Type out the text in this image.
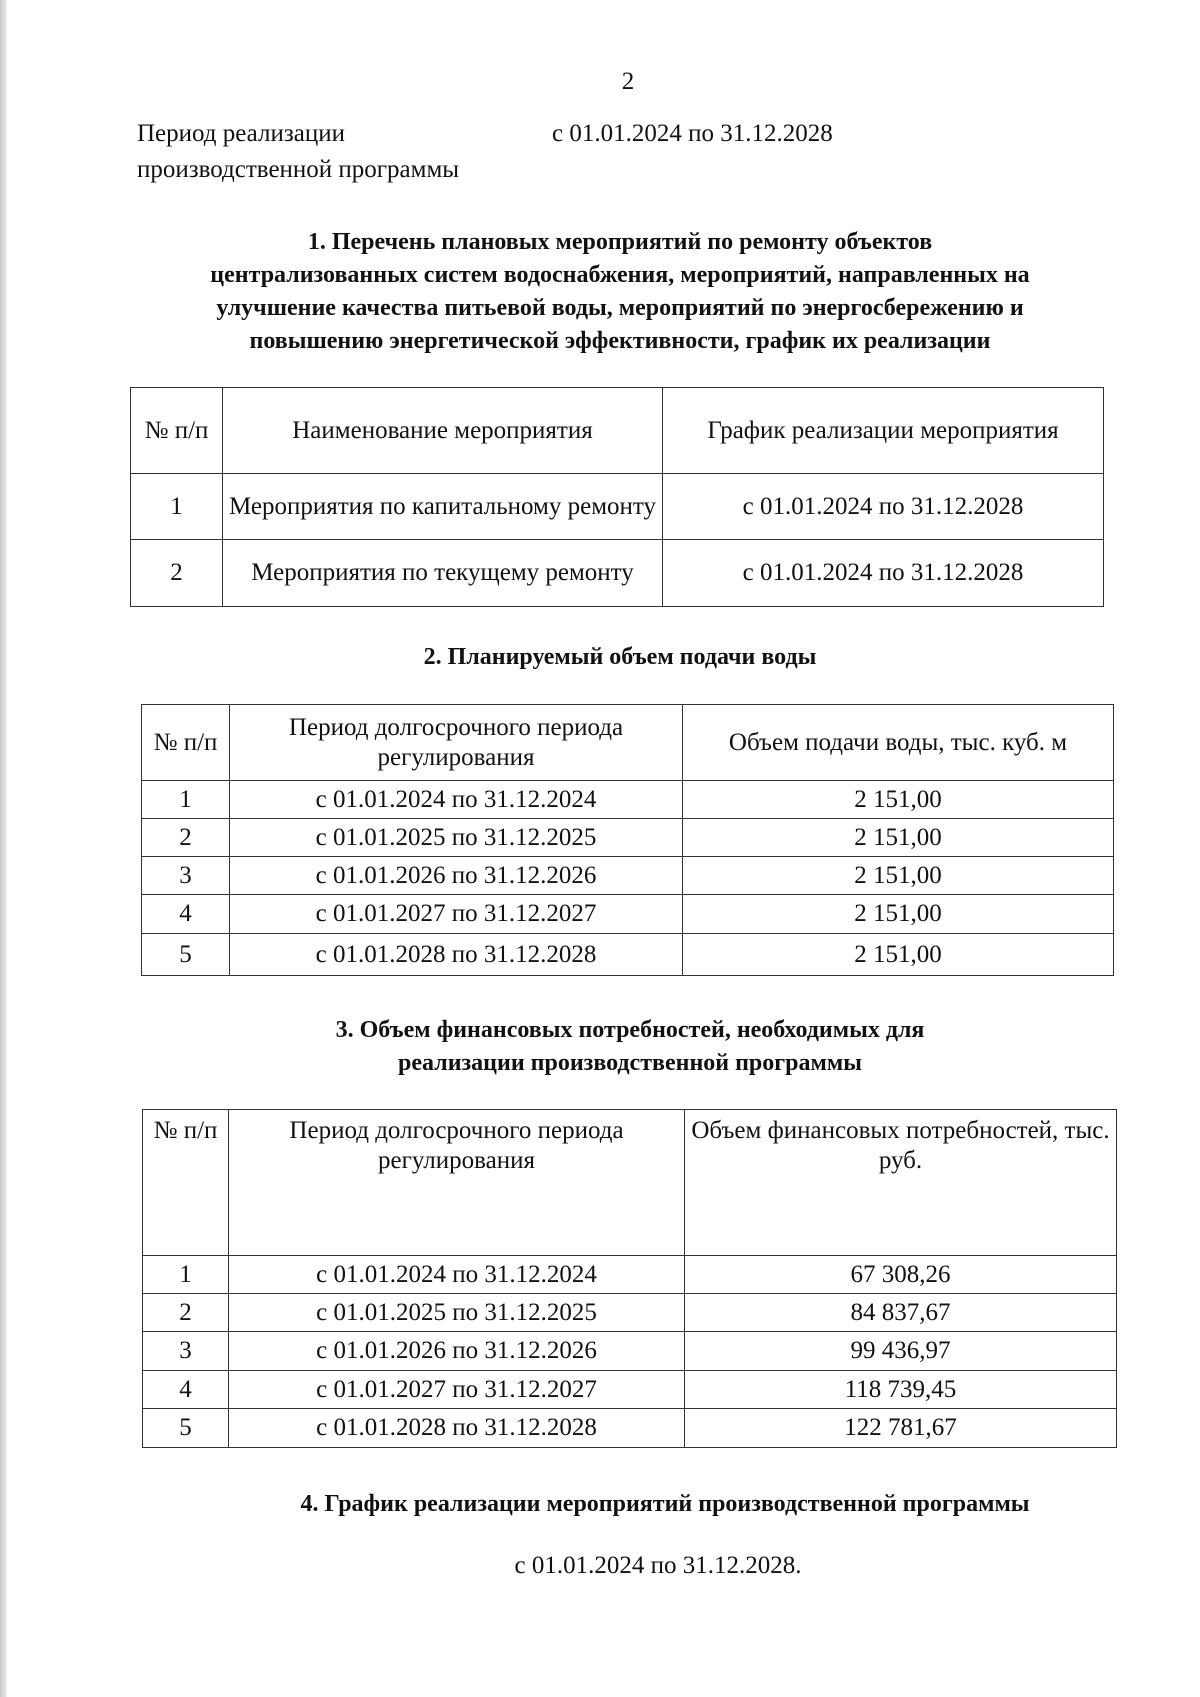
2
Период реализации
производственной программы
с 01.01.2024 по 31.12.2028
1. Перечень плановых мероприятий по ремонту объектов
централизованных систем водоснабжения, мероприятий, направленных на
улучшение качества питьевой воды, мероприятий по энергосбережению и
повышению энергетической эффективности, график их реализации
№ п/п	Наименование мероприятия	График реализации мероприятия
1	Мероприятия по капитальному ремонту	с 01.01.2024 по 31.12.2028
2	Мероприятия по текущему ремонту	с 01.01.2024 по 31.12.2028
2. Планируемый объем подачи воды
№ п/п	Период долгосрочного периода регулирования	Объем подачи воды, тыс. куб. м
1	с 01.01.2024 по 31.12.2024	2 151,00
2	с 01.01.2025 по 31.12.2025	2 151,00
3	с 01.01.2026 по 31.12.2026	2 151,00
4	с 01.01.2027 по 31.12.2027	2 151,00
5	с 01.01.2028 по 31.12.2028	2 151,00
3. Объем финансовых потребностей, необходимых для
реализации производственной программы
№ п/п	Период долгосрочного периода регулирования	Объем финансовых потребностей, тыс. руб.
1	с 01.01.2024 по 31.12.2024	67 308,26
2	с 01.01.2025 по 31.12.2025	84 837,67
3	с 01.01.2026 по 31.12.2026	99 436,97
4	с 01.01.2027 по 31.12.2027	118 739,45
5	с 01.01.2028 по 31.12.2028	122 781,67
4. График реализации мероприятий производственной программы
с 01.01.2024 по 31.12.2028.
